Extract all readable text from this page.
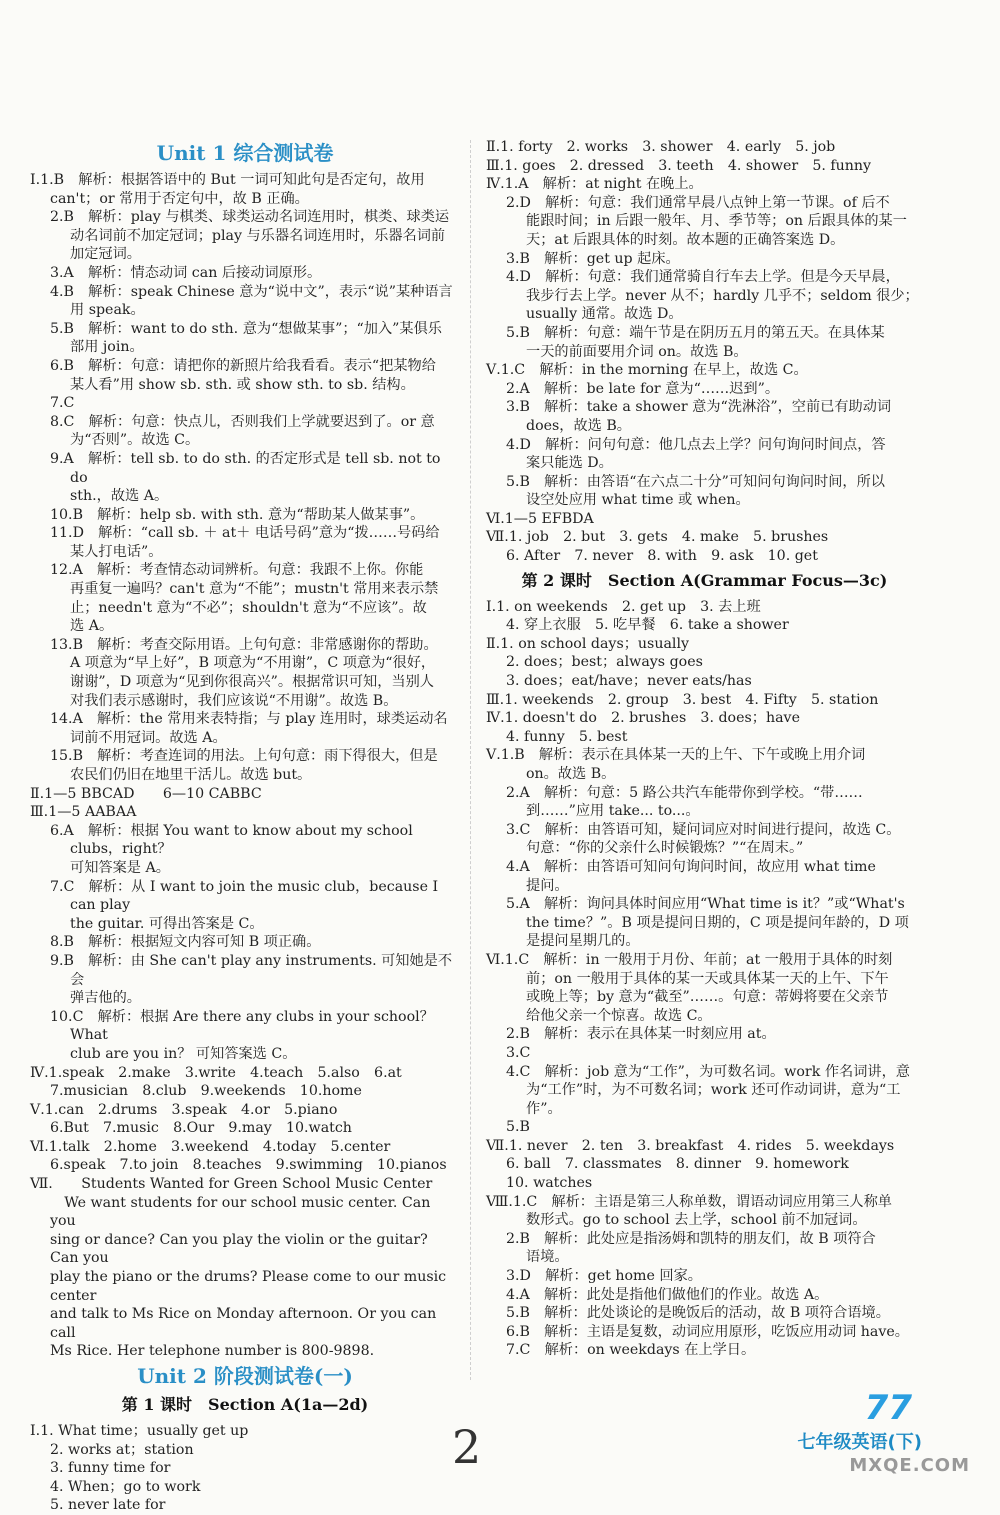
Unit 1 综合测试卷
Ⅰ.1.B　解析：根据答语中的 But 一词可知此句是否定句，故用
can't；or 常用于否定句中，故 B 正确。
2.B　解析：play 与棋类、球类运动名词连用时，棋类、球类运
动名词前不加定冠词；play 与乐器名词连用时，乐器名词前
加定冠词。
3.A　解析：情态动词 can 后接动词原形。
4.B　解析：speak Chinese 意为“说中文”，表示“说”某种语言
用 speak。
5.B　解析：want to do sth. 意为“想做某事”；“加入”某俱乐
部用 join。
6.B　解析：句意：请把你的新照片给我看看。表示“把某物给
某人看”用 show sb. sth. 或 show sth. to sb. 结构。
7.C
8.C　解析：句意：快点儿，否则我们上学就要迟到了。or 意
为“否则”。故选 C。
9.A　解析：tell sb. to do sth. 的否定形式是 tell sb. not to do
sth.，故选 A。
10.B　解析：help sb. with sth. 意为“帮助某人做某事”。
11.D　解析：“call sb. ＋ at＋ 电话号码”意为“拨……号码给
某人打电话”。
12.A　解析：考查情态动词辨析。句意：我跟不上你。你能
再重复一遍吗？can't 意为“不能”；mustn't 常用来表示禁
止；needn't 意为“不必”；shouldn't 意为“不应该”。故
选 A。
13.B　解析：考查交际用语。上句句意：非常感谢你的帮助。
A 项意为“早上好”，B 项意为“不用谢”，C 项意为“很好，
谢谢”，D 项意为“见到你很高兴”。根据常识可知，当别人
对我们表示感谢时，我们应该说“不用谢”。故选 B。
14.A　解析：the 常用来表特指；与 play 连用时，球类运动名
词前不用冠词。故选 A。
15.B　解析：考查连词的用法。上句句意：雨下得很大，但是
农民们仍旧在地里干活儿。故选 but。
Ⅱ.1—5 BBCAD　　6—10 CABBC
Ⅲ.1—5 AABAA
6.A　解析：根据 You want to know about my school clubs，right？
可知答案是 A。
7.C　解析：从 I want to join the music club，because I can play
the guitar. 可得出答案是 C。
8.B　解析：根据短文内容可知 B 项正确。
9.B　解析：由 She can't play any instruments. 可知她是不会
弹吉他的。
10.C　解析：根据 Are there any clubs in your school？ What
club are you in？ 可知答案选 C。
Ⅳ.1.speak　2.make　3.write　4.teach　5.also　6.at
7.musician　8.club　9.weekends　10.home
Ⅴ.1.can　2.drums　3.speak　4.or　5.piano
6.But　7.music　8.Our　9.may　10.watch
Ⅵ.1.talk　2.home　3.weekend　4.today　5.center
6.speak　7.to join　8.teaches　9.swimming　10.pianos
Ⅶ.　　Students Wanted for Green School Music Center
　We want students for our school music center. Can you
sing or dance? Can you play the violin or the guitar? Can you
play the piano or the drums? Please come to our music center
and talk to Ms Rice on Monday afternoon. Or you can call
Ms Rice. Her telephone number is 800-9898.
Unit 2 阶段测试卷(一)
第 1 课时　Section A(1a—2d)
Ⅰ.1. What time；usually get up
2. works at；station
3. funny time for
4. When；go to work
5. never late for
Ⅱ.1. forty　2. works　3. shower　4. early　5. job
Ⅲ.1. goes　2. dressed　3. teeth　4. shower　5. funny
Ⅳ.1.A　解析：at night 在晚上。
2.D　解析：句意：我们通常早晨八点钟上第一节课。of 后不
能跟时间；in 后跟一般年、月、季节等；on 后跟具体的某一
天；at 后跟具体的时刻。故本题的正确答案选 D。
3.B　解析：get up 起床。
4.D　解析：句意：我们通常骑自行车去上学。但是今天早晨，
我步行去上学。never 从不；hardly 几乎不；seldom 很少；
usually 通常。故选 D。
5.B　解析：句意：端午节是在阴历五月的第五天。在具体某
一天的前面要用介词 on。故选 B。
Ⅴ.1.C　解析：in the morning 在早上，故选 C。
2.A　解析：be late for 意为“……迟到”。
3.B　解析：take a shower 意为“洗淋浴”，空前已有助动词
does，故选 B。
4.D　解析：问句句意：他几点去上学？问句询问时间点，答
案只能选 D。
5.B　解析：由答语“在六点二十分”可知问句询问时间，所以
设空处应用 what time 或 when。
Ⅵ.1—5 EFBDA
Ⅶ.1. job　2. but　3. gets　4. make　5. brushes
6. After　7. never　8. with　9. ask　10. get
第 2 课时　Section A(Grammar Focus—3c)
Ⅰ.1. on weekends　2. get up　3. 去上班
4. 穿上衣服　5. 吃早餐　6. take a shower
Ⅱ.1. on school days；usually
2. does；best；always goes
3. does；eat/have；never eats/has
Ⅲ.1. weekends　2. group　3. best　4. Fifty　5. station
Ⅳ.1. doesn't do　2. brushes　3. does；have
4. funny　5. best
Ⅴ.1.B　解析：表示在具体某一天的上午、下午或晚上用介词
on。故选 B。
2.A　解析：句意：5 路公共汽车能带你到学校。“带……
到……”应用 take... to...。
3.C　解析：由答语可知，疑问词应对时间进行提问，故选 C。
句意：“你的父亲什么时候锻炼？”“在周末。”
4.A　解析：由答语可知问句询问时间，故应用 what time
提问。
5.A　解析：询问具体时间应用“What time is it？”或“What's
the time？”。B 项是提问日期的，C 项是提问年龄的，D 项
是提问星期几的。
Ⅵ.1.C　解析：in 一般用于月份、年前；at 一般用于具体的时刻
前；on 一般用于具体的某一天或具体某一天的上午、下午
或晚上等；by 意为“截至”……。句意：蒂姆将要在父亲节
给他父亲一个惊喜。故选 C。
2.B　解析：表示在具体某一时刻应用 at。
3.C
4.C　解析：job 意为“工作”，为可数名词。work 作名词讲，意
为“工作”时，为不可数名词；work 还可作动词讲，意为“工
作”。
5.B
Ⅶ.1. never　2. ten　3. breakfast　4. rides　5. weekdays
6. ball　7. classmates　8. dinner　9. homework
10. watches
Ⅷ.1.C　解析：主语是第三人称单数，谓语动词应用第三人称单
数形式。go to school 去上学，school 前不加冠词。
2.B　解析：此处应是指汤姆和凯特的朋友们，故 B 项符合
语境。
3.D　解析：get home 回家。
4.A　解析：此处是指他们做他们的作业。故选 A。
5.B　解析：此处谈论的是晚饭后的活动，故 B 项符合语境。
6.B　解析：主语是复数，动词应用原形，吃饭应用动词 have。
7.C　解析：on weekdays 在上学日。
77
七年级英语(下)
2	MXQE.COM
